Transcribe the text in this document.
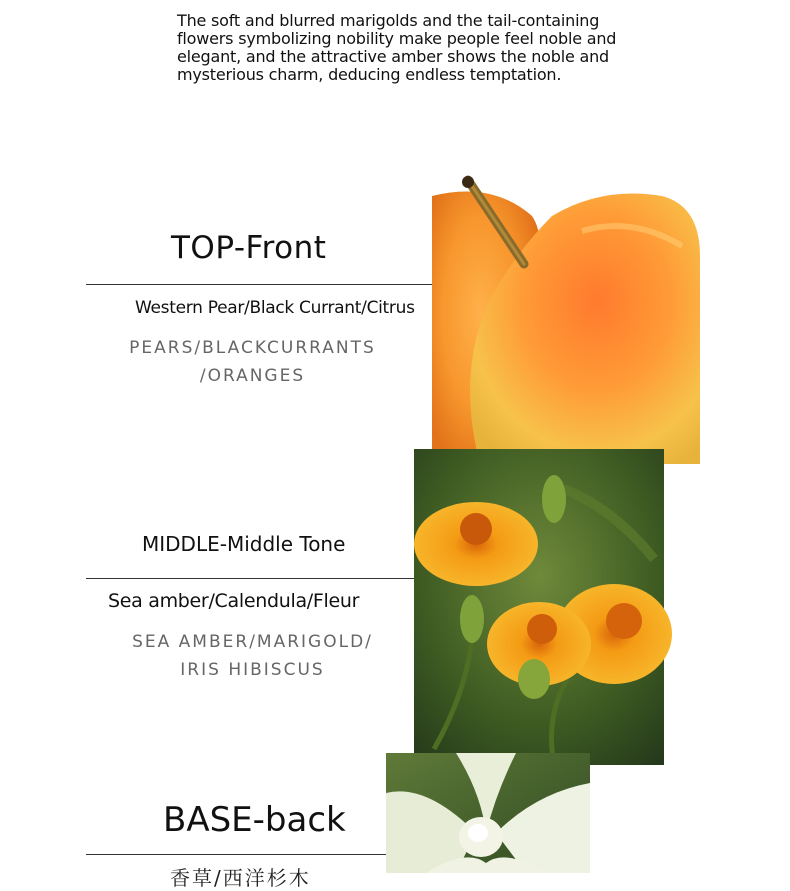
The soft and blurred marigolds and the tail-containing flowers symbolizing nobility make people feel noble and elegant, and the attractive amber shows the noble and mysterious charm, deducing endless temptation.

TOP-Front
Western Pear/Black Currant/Citrus
PEARS/BLACKCURRANTS
/ORANGES
MIDDLE-Middle Tone
Sea amber/Calendula/Fleur
SEA AMBER/MARIGOLD/
IRIS HIBISCUS
BASE-back
香草/西洋杉木
